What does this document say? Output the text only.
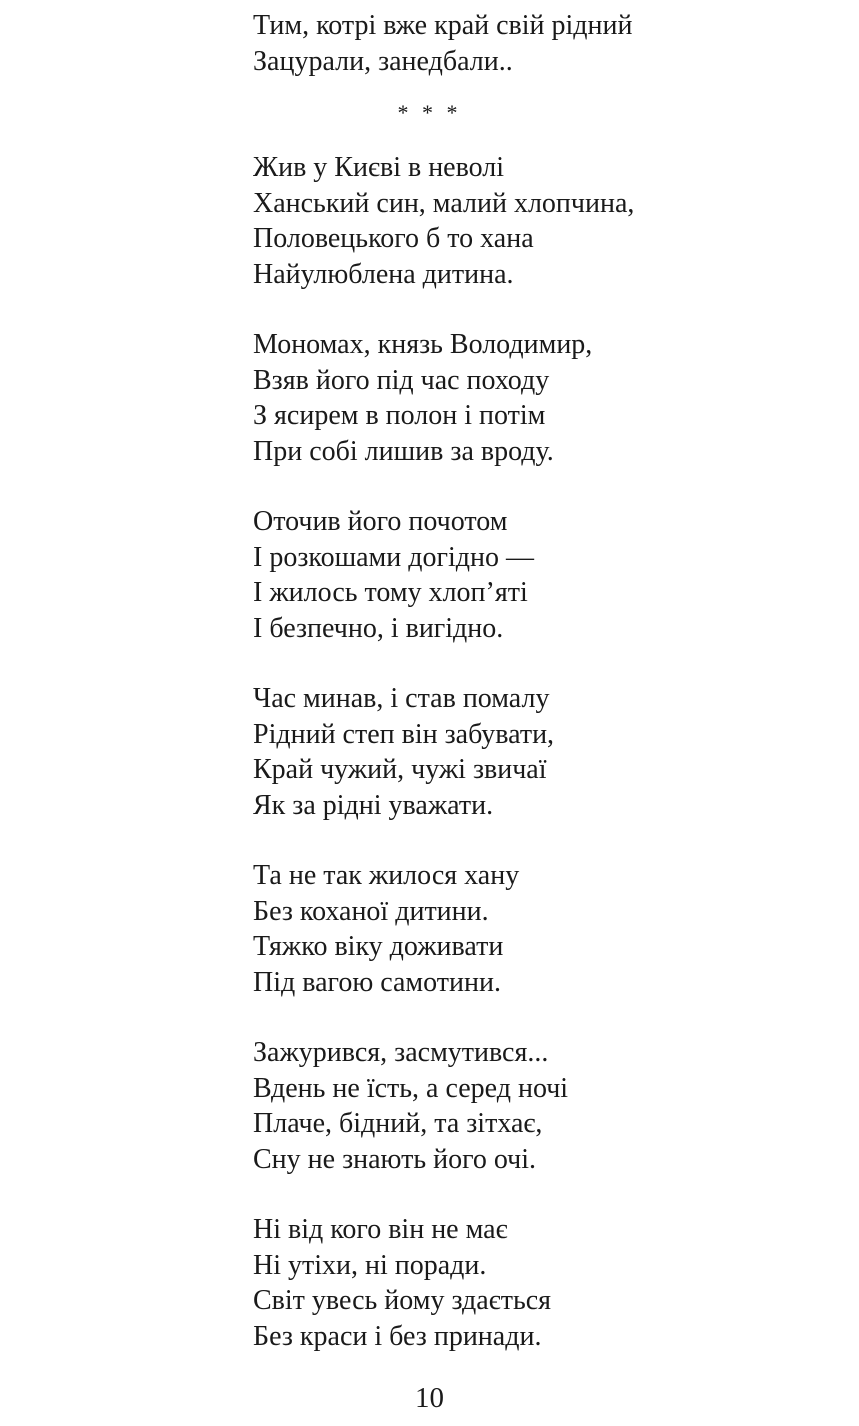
Тим, котрі вже край свій рідний
Зацурали, занедбали..
* * *
Жив у Києві в неволі
Ханський син, малий хлопчина,
Половецького б то хана
Найулюблена дитина.
Мономах, князь Володимир,
Взяв його під час походу
З ясирем в полон і потім
При собі лишив за вроду.
Оточив його почотом
І розкошами догідно —
І жилось тому хлоп’яті
І безпечно, і вигідно.
Час минав, і став помалу
Рідний степ він забувати,
Край чужий, чужі звичаї
Як за рідні уважати.
Та не так жилося хану
Без коханої дитини.
Тяжко віку доживати
Під вагою самотини.
Зажурився, засмутився...
Вдень не їсть, а серед ночі
Плаче, бідний, та зітхає,
Сну не знають його очі.
Ні від кого він не має
Ні утіхи, ні поради.
Світ увесь йому здається
Без краси і без принади.
10
